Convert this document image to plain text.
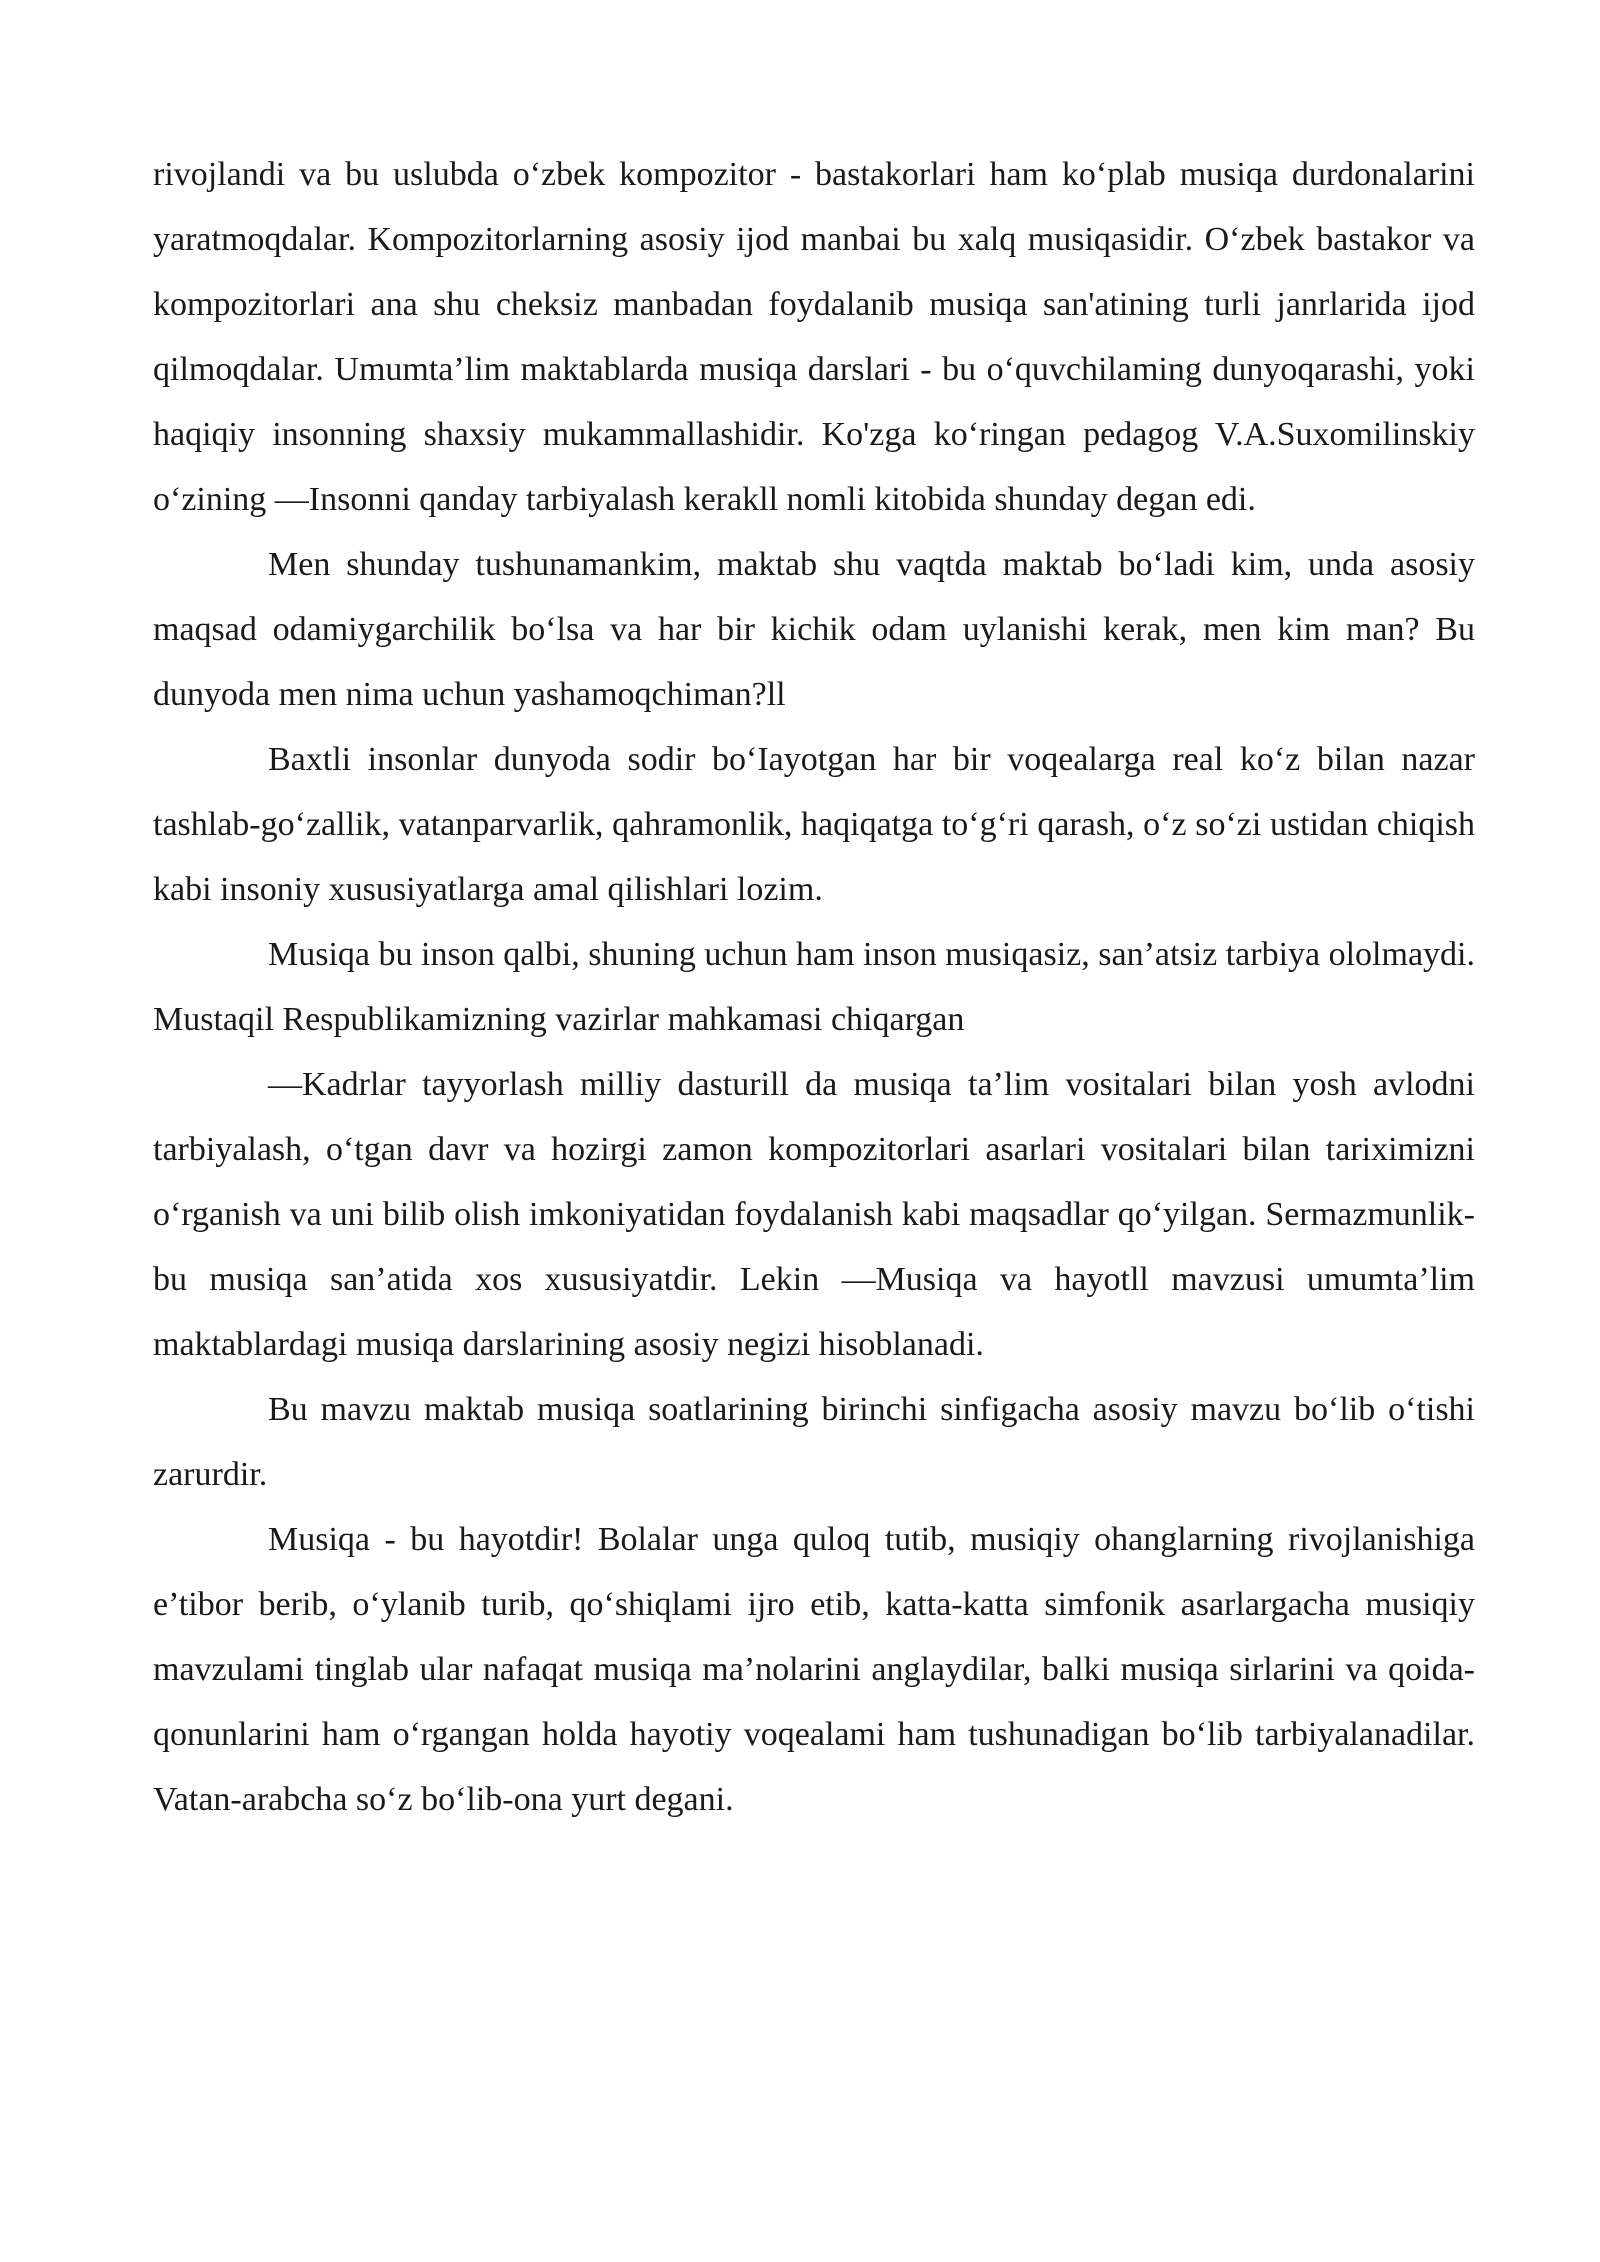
rivojlandi va bu uslubda o‘zbek kompozitor - bastakorlari ham ko‘plab musiqa durdonalarini yaratmoqdalar. Kompozitorlarning asosiy ijod manbai bu xalq musiqasidir. O‘zbek bastakor va kompozitorlari ana shu cheksiz manbadan foydalanib musiqa san'atining turli janrlarida ijod qilmoqdalar. Umumta’lim maktablarda musiqa darslari - bu o‘quvchilaming dunyoqarashi, yoki haqiqiy insonning shaxsiy mukammallashidir. Ko'zga ko‘ringan pedagog V.A.Suxomilinskiy o‘zining ―Insonni qanday tarbiyalash kerakll nomli kitobida shunday degan edi.

Men shunday tushunamankim, maktab shu vaqtda maktab bo‘ladi kim, unda asosiy maqsad odamiygarchilik bo‘lsa va har bir kichik odam uylanishi kerak, men kim man? Bu dunyoda men nima uchun yashamoqchiman?ll

Baxtli insonlar dunyoda sodir bo‘Iayotgan har bir voqealarga real ko‘z bilan nazar tashlab-go‘zallik, vatanparvarlik, qahramonlik, haqiqatga to‘g‘ri qarash, o‘z so‘zi ustidan chiqish kabi insoniy xususiyatlarga amal qilishlari lozim.

Musiqa bu inson qalbi, shuning uchun ham inson musiqasiz, san’atsiz tarbiya ololmaydi. Mustaqil Respublikamizning vazirlar mahkamasi chiqargan

―Kadrlar tayyorlash milliy dasturill da musiqa ta’lim vositalari bilan yosh avlodni tarbiyalash, o‘tgan davr va hozirgi zamon kompozitorlari asarlari vositalari bilan tariximizni o‘rganish va uni bilib olish imkoniyatidan foydalanish kabi maqsadlar qo‘yilgan. Sermazmunlik-bu musiqa san’atida xos xususiyatdir. Lekin ―Musiqa va hayotll mavzusi umumta’lim maktablardagi musiqa darslarining asosiy negizi hisoblanadi.

Bu mavzu maktab musiqa soatlarining birinchi sinfigacha asosiy mavzu bo‘lib o‘tishi zarurdir.

Musiqa - bu hayotdir! Bolalar unga quloq tutib, musiqiy ohanglarning rivojlanishiga e’tibor berib, o‘ylanib turib, qo‘shiqlami ijro etib, katta-katta simfonik asarlargacha musiqiy mavzulami tinglab ular nafaqat musiqa ma’nolarini anglaydilar, balki musiqa sirlarini va qoida-qonunlarini ham o‘rgangan holda hayotiy voqealami ham tushunadigan bo‘lib tarbiyalanadilar. Vatan-arabcha so‘z bo‘lib-ona yurt degani.
